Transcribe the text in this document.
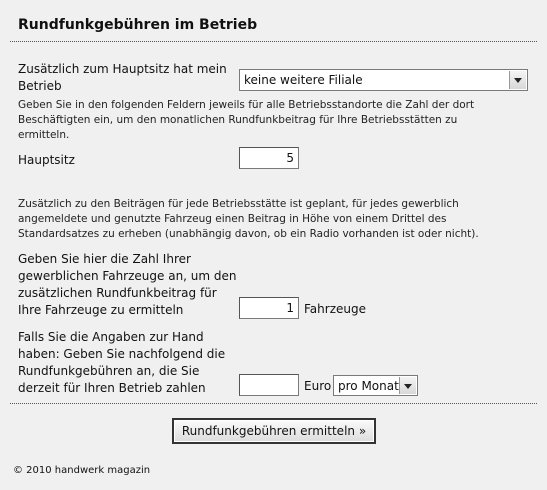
Rundfunkgebühren im Betrieb
Zusätzlich zum Hauptsitz hat mein
Betrieb	keine weitere Filiale
Geben Sie in den folgenden Feldern jeweils für alle Betriebsstandorte die Zahl der dort
Beschäftigten ein, um den monatlichen Rundfunkbeitrag für Ihre Betriebsstätten zu
ermitteln.
Hauptsitz	5
Zusätzlich zu den Beiträgen für jede Betriebsstätte ist geplant, für jedes gewerblich
angemeldete und genutzte Fahrzeug einen Beitrag in Höhe von einem Drittel des
Standardsatzes zu erheben (unabhängig davon, ob ein Radio vorhanden ist oder nicht).
Geben Sie hier die Zahl Ihrer
gewerblichen Fahrzeuge an, um den
zusätzlichen Rundfunkbeitrag für
Ihre Fahrzeuge zu ermitteln	1 Fahrzeuge
Falls Sie die Angaben zur Hand
haben: Geben Sie nachfolgend die
Rundfunkgebühren an, die Sie
derzeit für Ihren Betrieb zahlen	Euro pro Monat
Rundfunkgebühren ermitteln »
© 2010 handwerk magazin
